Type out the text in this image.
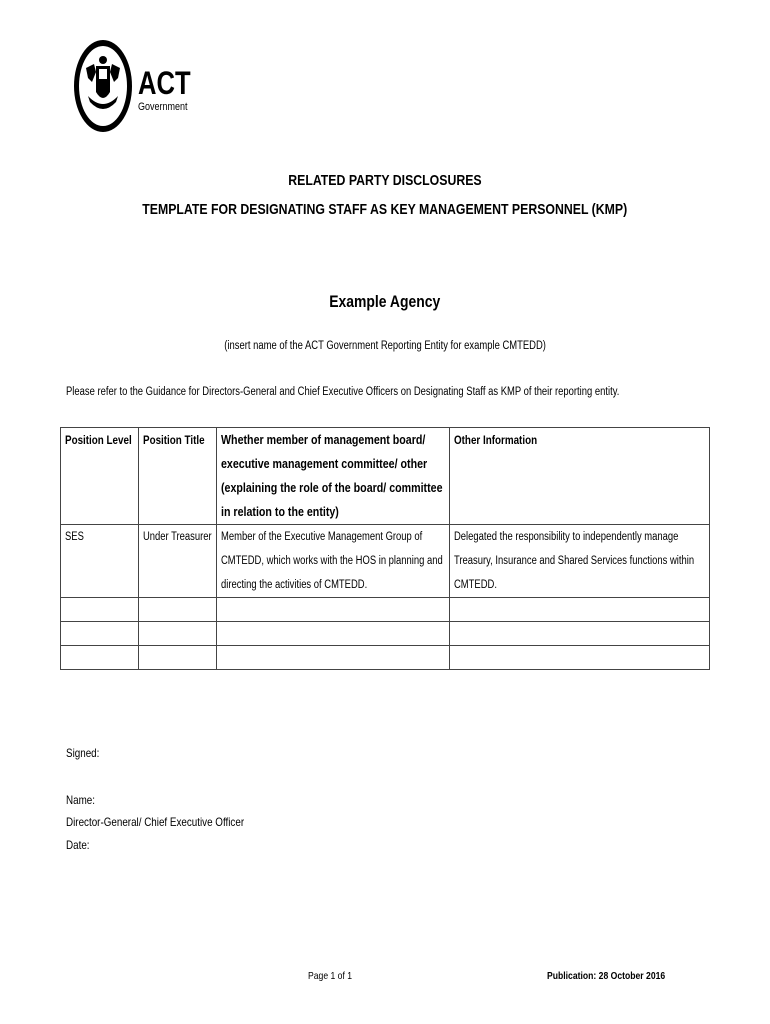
ACT
Government
RELATED PARTY DISCLOSURES
TEMPLATE FOR DESIGNATING STAFF AS KEY MANAGEMENT PERSONNEL (KMP)
Example Agency
(insert name of the ACT Government Reporting Entity for example CMTEDD)
Please refer to the Guidance for Directors-General and Chief Executive Officers on Designating Staff as KMP of their reporting entity.
Position Level	Position Title	Whether member of management board/ executive management committee/ other (explaining the role of the board/ committee in relation to the entity)	Other Information

SES	Under Treasurer	Member of the Executive Management Group of CMTEDD, which works with the HOS in planning and directing the activities of CMTEDD.	Delegated the responsibility to independently manage Treasury, Insurance and Shared Services functions within CMTEDD.

Signed:
Name:
Director-General/ Chief Executive Officer
Date:
Page 1 of 1	Publication: 28 October 2016
